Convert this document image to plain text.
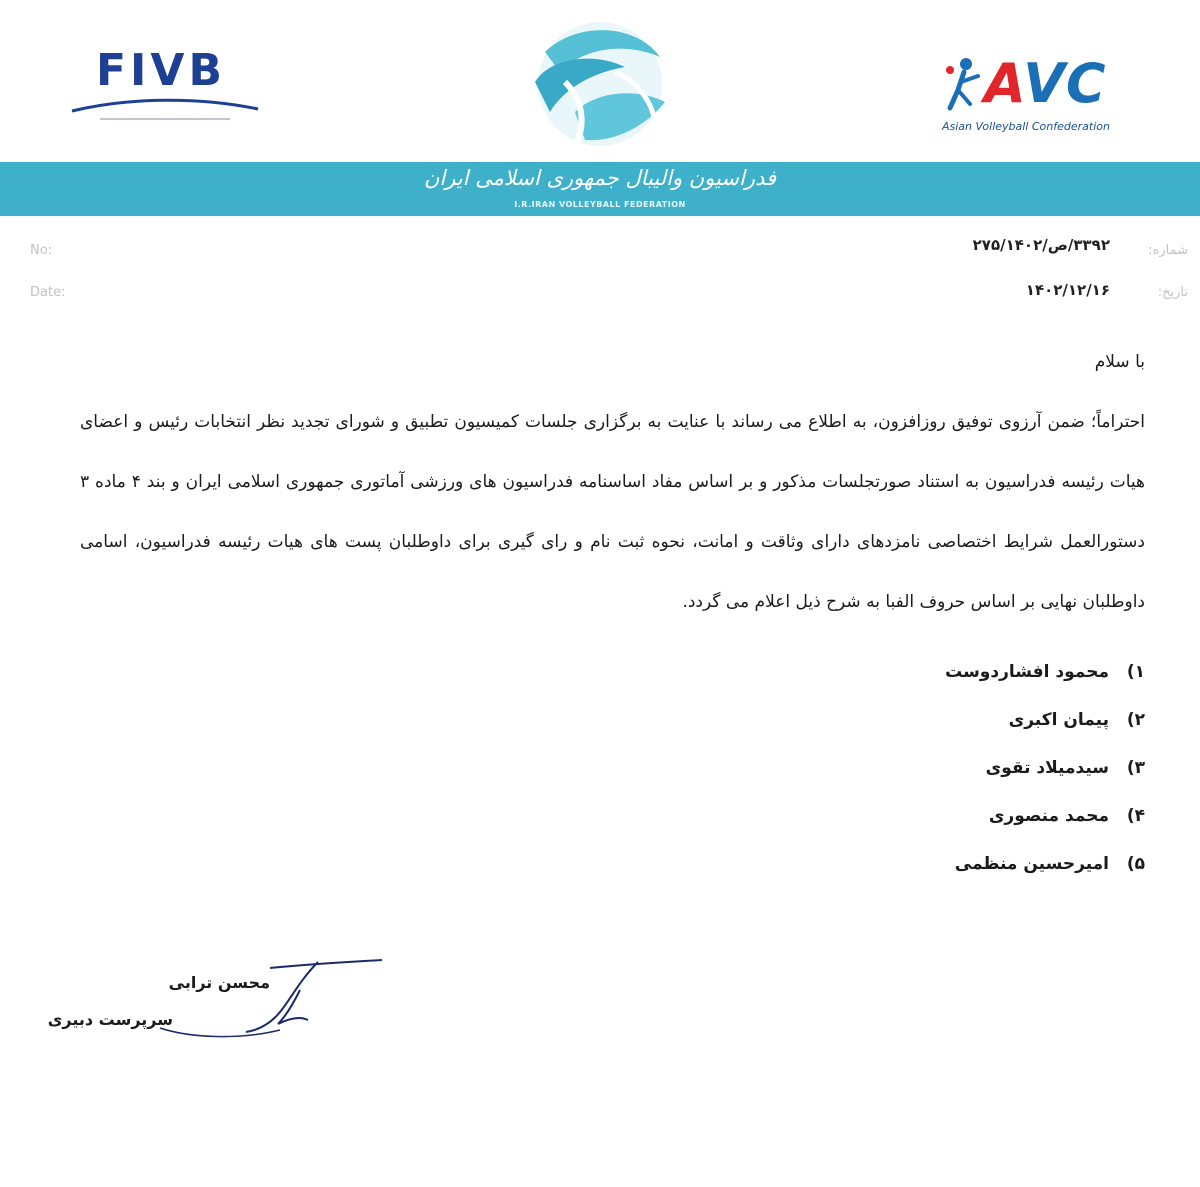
FIVB	AVC
Asian Volleyball Confederation
فدراسیون والیبال جمهوری اسلامی ایران
I.R.IRAN VOLLEYBALL FEDERATION
No:	شماره:
۳۳۹۲/ص/۲۷۵/۱۴۰۲
Date:	تاریخ:
۱۴۰۲/۱۲/۱۶
با سلام
احتراماً؛ ضمن آرزوی توفیق روزافزون، به اطلاع می رساند با عنایت به برگزاری جلسات کمیسیون تطبیق و شورای تجدید نظر انتخابات رئیس و اعضای هیات رئیسه فدراسیون به استناد صورتجلسات مذکور و بر اساس مفاد اساسنامه فدراسیون های ورزشی آماتوری جمهوری اسلامی ایران و بند ۴ ماده ۳ دستورالعمل شرایط اختصاصی نامزدهای دارای وثاقت و امانت، نحوه ثبت نام و رای گیری برای داوطلبان پست های هیات رئیسه فدراسیون، اسامی داوطلبان نهایی بر اساس حروف الفبا به شرح ذیل اعلام می گردد.
۱)محمود افشاردوست
۲)پیمان اکبری
۳)سیدمیلاد تقوی
۴)محمد منصوری
۵)امیرحسین منظمی
محسن ترابی
سرپرست دبیری
